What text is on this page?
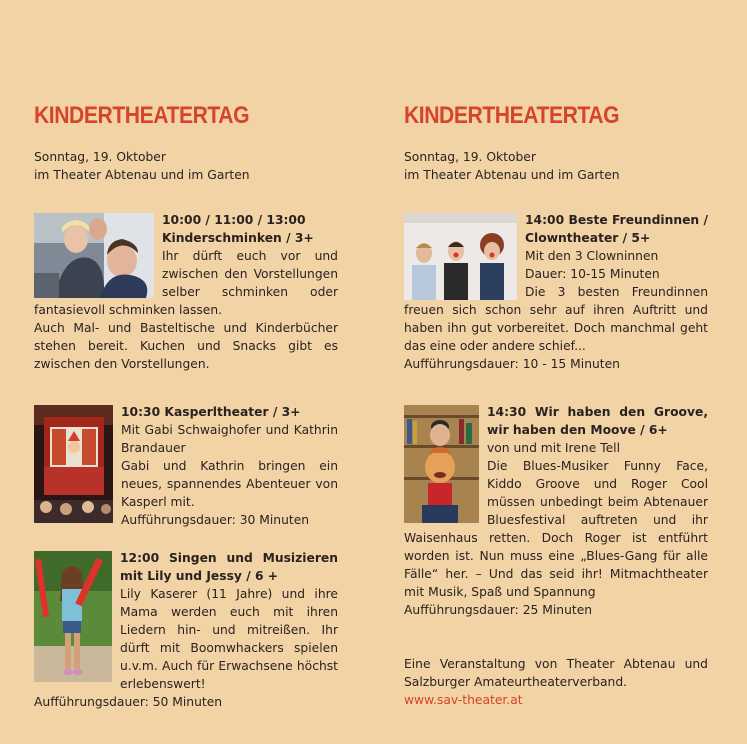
KINDERTHEATERTAG
Sonntag, 19. Oktober
im Theater Abtenau und im Garten

10:00 / 11:00 / 13:00
Kinderschminken / 3+
Ihr dürft euch vor und zwischen den Vorstellungen selber schminken oder fantasievoll schminken lassen.

Auch Mal- und Basteltische und Kinderbücher stehen bereit. Kuchen und Snacks gibt es zwischen den Vorstellungen.

10:30 Kasperltheater / 3+
Mit Gabi Schwaighofer und Kathrin Brandauer
Gabi und Kathrin bringen ein neues, spannendes Abenteuer von Kasperl mit.
Aufführungsdauer: 30 Minuten

12:00 Singen und Musizieren mit Lily und Jessy / 6 +
Lily Kaserer (11 Jahre) und ihre Mama werden euch mit ihren Liedern hin- und mitreißen. Ihr dürft mit Boomwhackers spielen u.v.m. Auch für Erwachsene höchst erlebenswert!
Aufführungsdauer: 50 Minuten

KINDERTHEATERTAG
Sonntag, 19. Oktober
im Theater Abtenau und im Garten

14:00 Beste Freundinnen / Clowntheater / 5+
Mit den 3 Clowninnen
Dauer: 10-15 Minuten
Die 3 besten Freundinnen freuen sich schon sehr auf ihren Auftritt und haben ihn gut vorbereitet. Doch manchmal geht das eine oder andere schief...
Aufführungsdauer: 10 - 15 Minuten

14:30 Wir haben den Groove, wir haben den Moove / 6+
von und mit Irene Tell
Die Blues-Musiker Funny Face, Kiddo Groove und Roger Cool müssen unbedingt beim Abtenauer Bluesfestival auftreten und ihr Waisenhaus retten. Doch Roger ist entführt worden ist. Nun muss eine „Blues-Gang für alle Fälle“ her. – Und das seid ihr! Mitmachtheater mit Musik, Spaß und Spannung
Aufführungsdauer: 25 Minuten

Eine Veranstaltung von Theater Abtenau und Salzburger Amateurtheaterverband.
www.sav-theater.at
